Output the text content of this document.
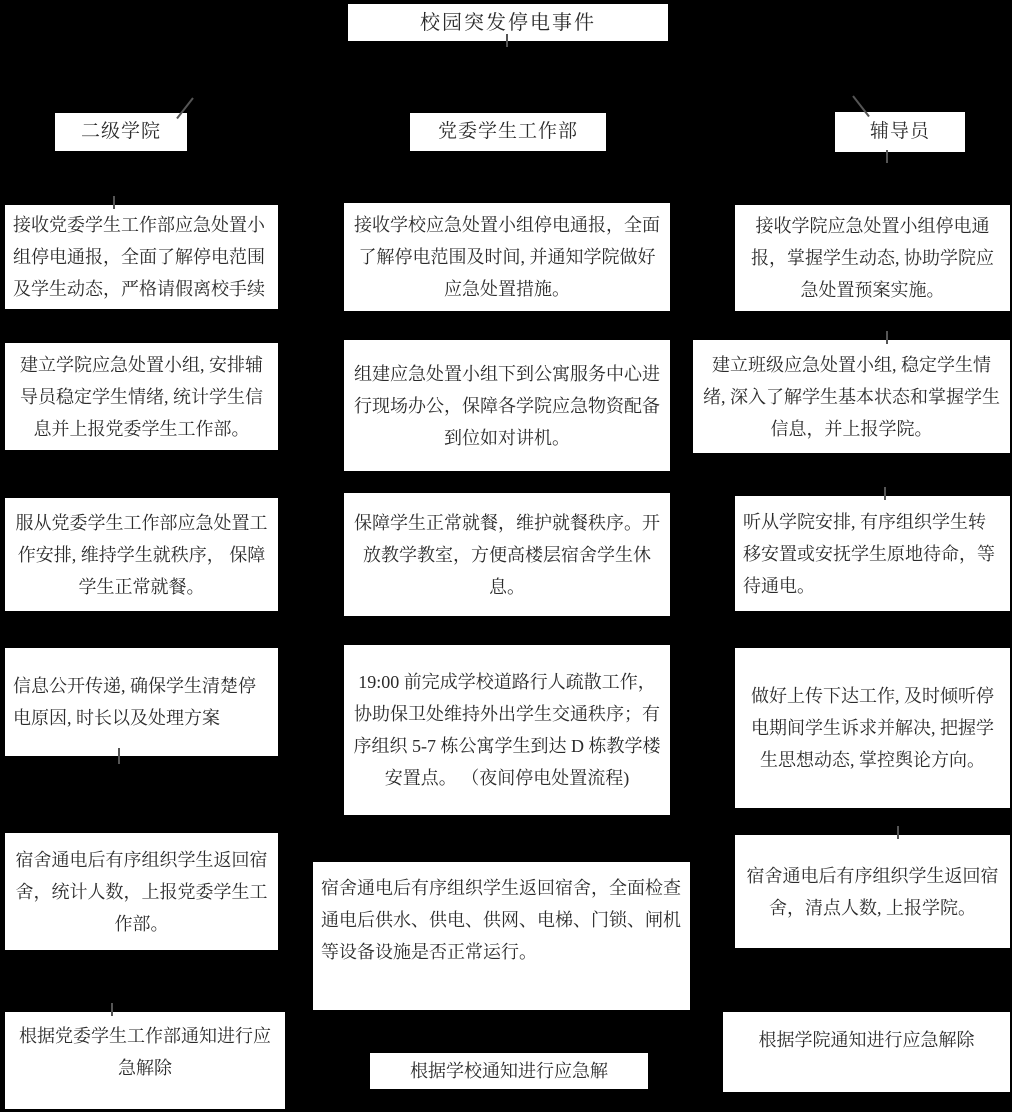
校园突发停电事件
二级学院	党委学生工作部	辅导员
接收党委学生工作部应急处置小组停电通报，全面了解停电范围及学生动态，严格请假离校手续
建立学院应急处置小组, 安排辅导员稳定学生情绪, 统计学生信息并上报党委学生工作部。
服从党委学生工作部应急处置工作安排, 维持学生就秩序， 保障学生正常就餐。
信息公开传递, 确保学生清楚停电原因, 时长以及处理方案
宿舍通电后有序组织学生返回宿舍，统计人数，上报党委学生工作部。
根据党委学生工作部通知进行应急解除
接收学校应急处置小组停电通报，全面了解停电范围及时间, 并通知学院做好应急处置措施。
组建应急处置小组下到公寓服务中心进行现场办公，保障各学院应急物资配备到位如对讲机。
保障学生正常就餐，维护就餐秩序。开放教学教室，方便高楼层宿舍学生休息。
19:00 前完成学校道路行人疏散工作，协助保卫处维持外出学生交通秩序；有序组织 5-7 栋公寓学生到达 D 栋教学楼安置点。 （夜间停电处置流程)
宿舍通电后有序组织学生返回宿舍，全面检查通电后供水、供电、供网、电梯、门锁、闸机等设备设施是否正常运行。
根据学校通知进行应急解
接收学院应急处置小组停电通报，掌握学生动态, 协助学院应急处置预案实施。
建立班级应急处置小组, 稳定学生情绪, 深入了解学生基本状态和掌握学生信息，并上报学院。
听从学院安排, 有序组织学生转移安置或安抚学生原地待命，等待通电。
做好上传下达工作, 及时倾听停电期间学生诉求并解决, 把握学生思想动态, 掌控舆论方向。
宿舍通电后有序组织学生返回宿舍，清点人数, 上报学院。
根据学院通知进行应急解除
